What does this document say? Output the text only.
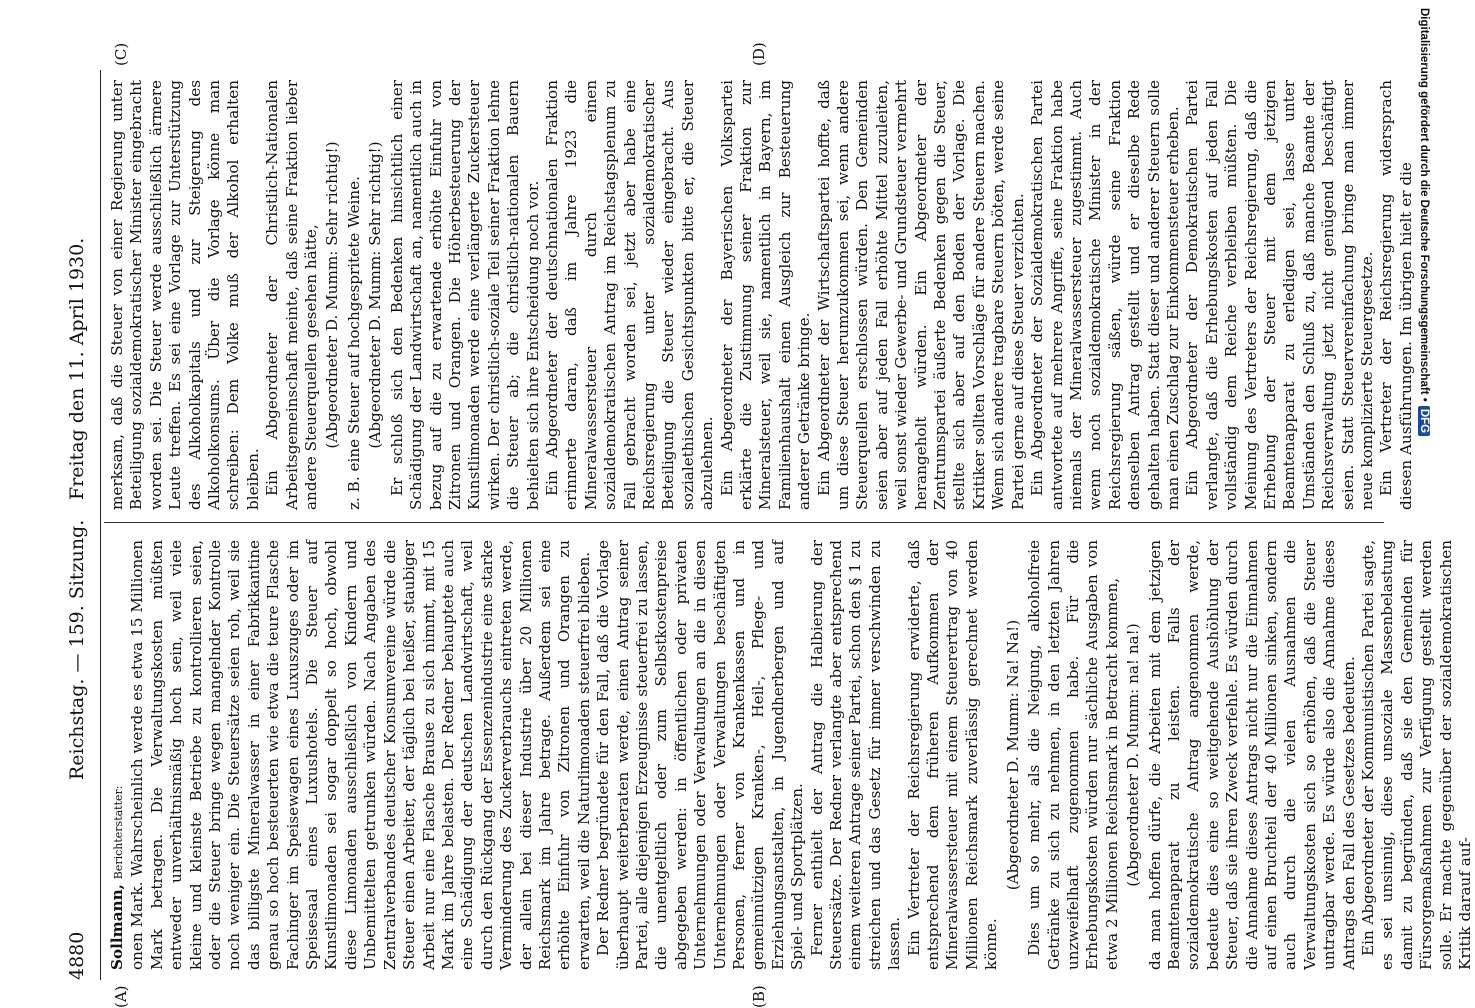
4880
Reichstag. — 159. Sitzung.
Freitag den 11. April 1930.
(A)	(B)
(C)	(D)

Sollmann, Berichterstatter: onen Mark. Wahrscheinlich werde es etwa 15 Millionen Mark betragen. Die Verwaltungskosten müßten entweder unverhältnismäßig hoch sein, weil viele kleine und kleinste Betriebe zu kontrollieren seien, oder die Steuer bringe wegen mangelnder Kontrolle noch weniger ein. Die Steuersätze seien roh, weil sie das billigste Mineralwasser in einer Fabrikkantine genau so hoch besteuerten wie etwa die teure Flasche Fachinger im Speisewagen eines Luxuszuges oder im Speisesaal eines Luxushotels. Die Steuer auf Kunstlimonaden sei sogar doppelt so hoch, obwohl diese Limonaden ausschließlich von Kindern und Unbemittelten getrunken würden. Nach Angaben des Zentralverbandes deutscher Konsumvereine würde die Steuer einen Arbeiter, der täglich bei heißer, staubiger Arbeit nur eine Flasche Brause zu sich nimmt, mit 15 Mark im Jahre belasten. Der Redner behauptete auch eine Schädigung der deutschen Landwirtschaft, weil durch den Rückgang der Essenzenindustrie eine starke Verminderung des Zuckerverbrauchs eintreten werde, der allein bei dieser Industrie über 20 Millionen Reichsmark im Jahre betrage. Außerdem sei eine erhöhte Einfuhr von Zitronen und Orangen zu erwarten, weil die Naturlimonaden steuerfrei blieben. Der Redner begründete für den Fall, daß die Vorlage überhaupt weiterberaten werde, einen Antrag seiner Partei, alle diejenigen Erzeugnisse steuerfrei zu lassen, die unentgeltlich oder zum Selbstkostenpreise abgegeben werden: in öffentlichen oder privaten Unternehmungen oder Verwaltungen an die in diesen Unternehmungen oder Verwaltungen beschäftigten Personen, ferner von Krankenkassen und in gemeinnützigen Kranken-, Heil-, Pflege- und Erziehungsanstalten, in Jugendherbergen und auf Spiel- und Sportplätzen. Ferner enthielt der Antrag die Halbierung der Steuersätze. Der Redner verlangte aber entsprechend einem weiteren Antrage seiner Partei, schon den § 1 zu streichen und das Gesetz für immer verschwinden zu lassen. Ein Vertreter der Reichsregierung erwiderte, daß entsprechend dem früheren Aufkommen der Mineralwassersteuer mit einem Steuerertrag von 40 Millionen Reichsmark zuverlässig gerechnet werden könne.

(Abgeordneter D. Mumm: Na! Na!) Dies um so mehr, als die Neigung, alkoholfreie Getränke zu sich zu nehmen, in den letzten Jahren unzweifelhaft zugenommen habe. Für die Erhebungskosten würden nur sächliche Ausgaben von etwa 2 Millionen Reichsmark in Betracht kommen, (Abgeordneter D. Mumm: na! na!) da man hoffen dürfe, die Arbeiten mit dem jetzigen Beamtenapparat zu leisten. Falls der sozialdemokratische Antrag angenommen werde, bedeute dies eine so weitgehende Aushöhlung der Steuer, daß sie ihren Zweck verfehle. Es würden durch die Annahme dieses Antrags nicht nur die Einnahmen auf einen Bruchteil der 40 Millionen sinken, sondern auch durch die vielen Ausnahmen die Verwaltungskosten sich so erhöhen, daß die Steuer untragbar werde. Es würde also die Annahme dieses Antrags den Fall des Gesetzes bedeuten. Ein Abgeordneter der Kommunistischen Partei sagte, es sei unsinnig, diese unsoziale Massenbelastung damit zu begründen, daß sie den Gemeinden für Fürsorgemaßnahmen zur Verfügung gestellt werden solle. Er machte gegenüber der sozialdemokratischen Kritik darauf auf-

merksam, daß die Steuer von einer Regierung unter Beteiligung sozialdemokratischer Minister eingebracht worden sei. Die Steuer werde ausschließlich ärmere Leute treffen. Es sei eine Vorlage zur Unterstützung des Alkoholkapitals und zur Steigerung des Alkoholkonsums. Über die Vorlage könne man schreiben: Dem Volke muß der Alkohol erhalten bleiben. Ein Abgeordneter der Christlich-Nationalen Arbeitsgemeinschaft meinte, daß seine Fraktion lieber andere Steuerquellen gesehen hätte, (Abgeordneter D. Mumm: Sehr richtig!) z. B. eine Steuer auf hochgespritete Weine. (Abgeordneter D. Mumm: Sehr richtig!) Er schloß sich den Bedenken hinsichtlich einer Schädigung der Landwirtschaft an, namentlich auch in bezug auf die zu erwartende erhöhte Einfuhr von Zitronen und Orangen. Die Höherbesteuerung der Kunstlimonaden werde eine verlängerte Zuckersteuer wirken. Der christlich-soziale Teil seiner Fraktion lehne die Steuer ab; die christlich-nationalen Bauern behielten sich ihre Entscheidung noch vor. Ein Abgeordneter der deutschnationalen Fraktion erinnerte daran, daß im Jahre 1923 die Mineralwassersteuer durch einen sozialdemokratischen Antrag im Reichstagsplenum zu Fall gebracht worden sei, jetzt aber habe eine Reichsregierung unter sozialdemokratischer Beteiligung die Steuer wieder eingebracht. Aus sozialethischen Gesichtspunkten bitte er, die Steuer abzulehnen. Ein Abgeordneter der Bayerischen Volkspartei erklärte die Zustimmung seiner Fraktion zur Mineralsteuer, weil sie, namentlich in Bayern, im Familienhaushalt einen Ausgleich zur Besteuerung anderer Getränke bringe. Ein Abgeordneter der Wirtschaftspartei hoffte, daß um diese Steuer herumzukommen sei, wenn andere Steuerquellen erschlossen würden. Den Gemeinden seien aber auf jeden Fall erhöhte Mittel zuzuleiten, weil sonst wieder Gewerbe- und Grundsteuer vermehrt herangeholt würden. Ein Abgeordneter der Zentrumspartei äußerte Bedenken gegen die Steuer, stellte sich aber auf den Boden der Vorlage. Die Kritiker sollten Vorschläge für andere Steuern machen. Wenn sich andere tragbare Steuern böten, werde seine Partei gerne auf diese Steuer verzichten. Ein Abgeordneter der Sozialdemokratischen Partei antwortete auf mehrere Angriffe, seine Fraktion habe niemals der Mineralwassersteuer zugestimmt. Auch wenn noch sozialdemokratische Minister in der Reichsregierung säßen, würde seine Fraktion denselben Antrag gestellt und er dieselbe Rede gehalten haben. Statt dieser und anderer Steuern solle man einen Zuschlag zur Einkommensteuer erheben. Ein Abgeordneter der Demokratischen Partei verlangte, daß die Erhebungskosten auf jeden Fall vollständig dem Reiche verbleiben müßten. Die Meinung des Vertreters der Reichsregierung, daß die Erhebung der Steuer mit dem jetzigen Beamtenapparat zu erledigen sei, lasse unter Umständen den Schluß zu, daß manche Beamte der Reichsverwaltung jetzt nicht genügend beschäftigt seien. Statt Steuervereinfachung bringe man immer neue komplizierte Steuergesetze. Ein Vertreter der Reichsregierung widersprach diesen Ausführungen. Im übrigen hielt er die Digitalisierung gefördert durch die Deutsche Forschungsgemeinschaft •DFG
